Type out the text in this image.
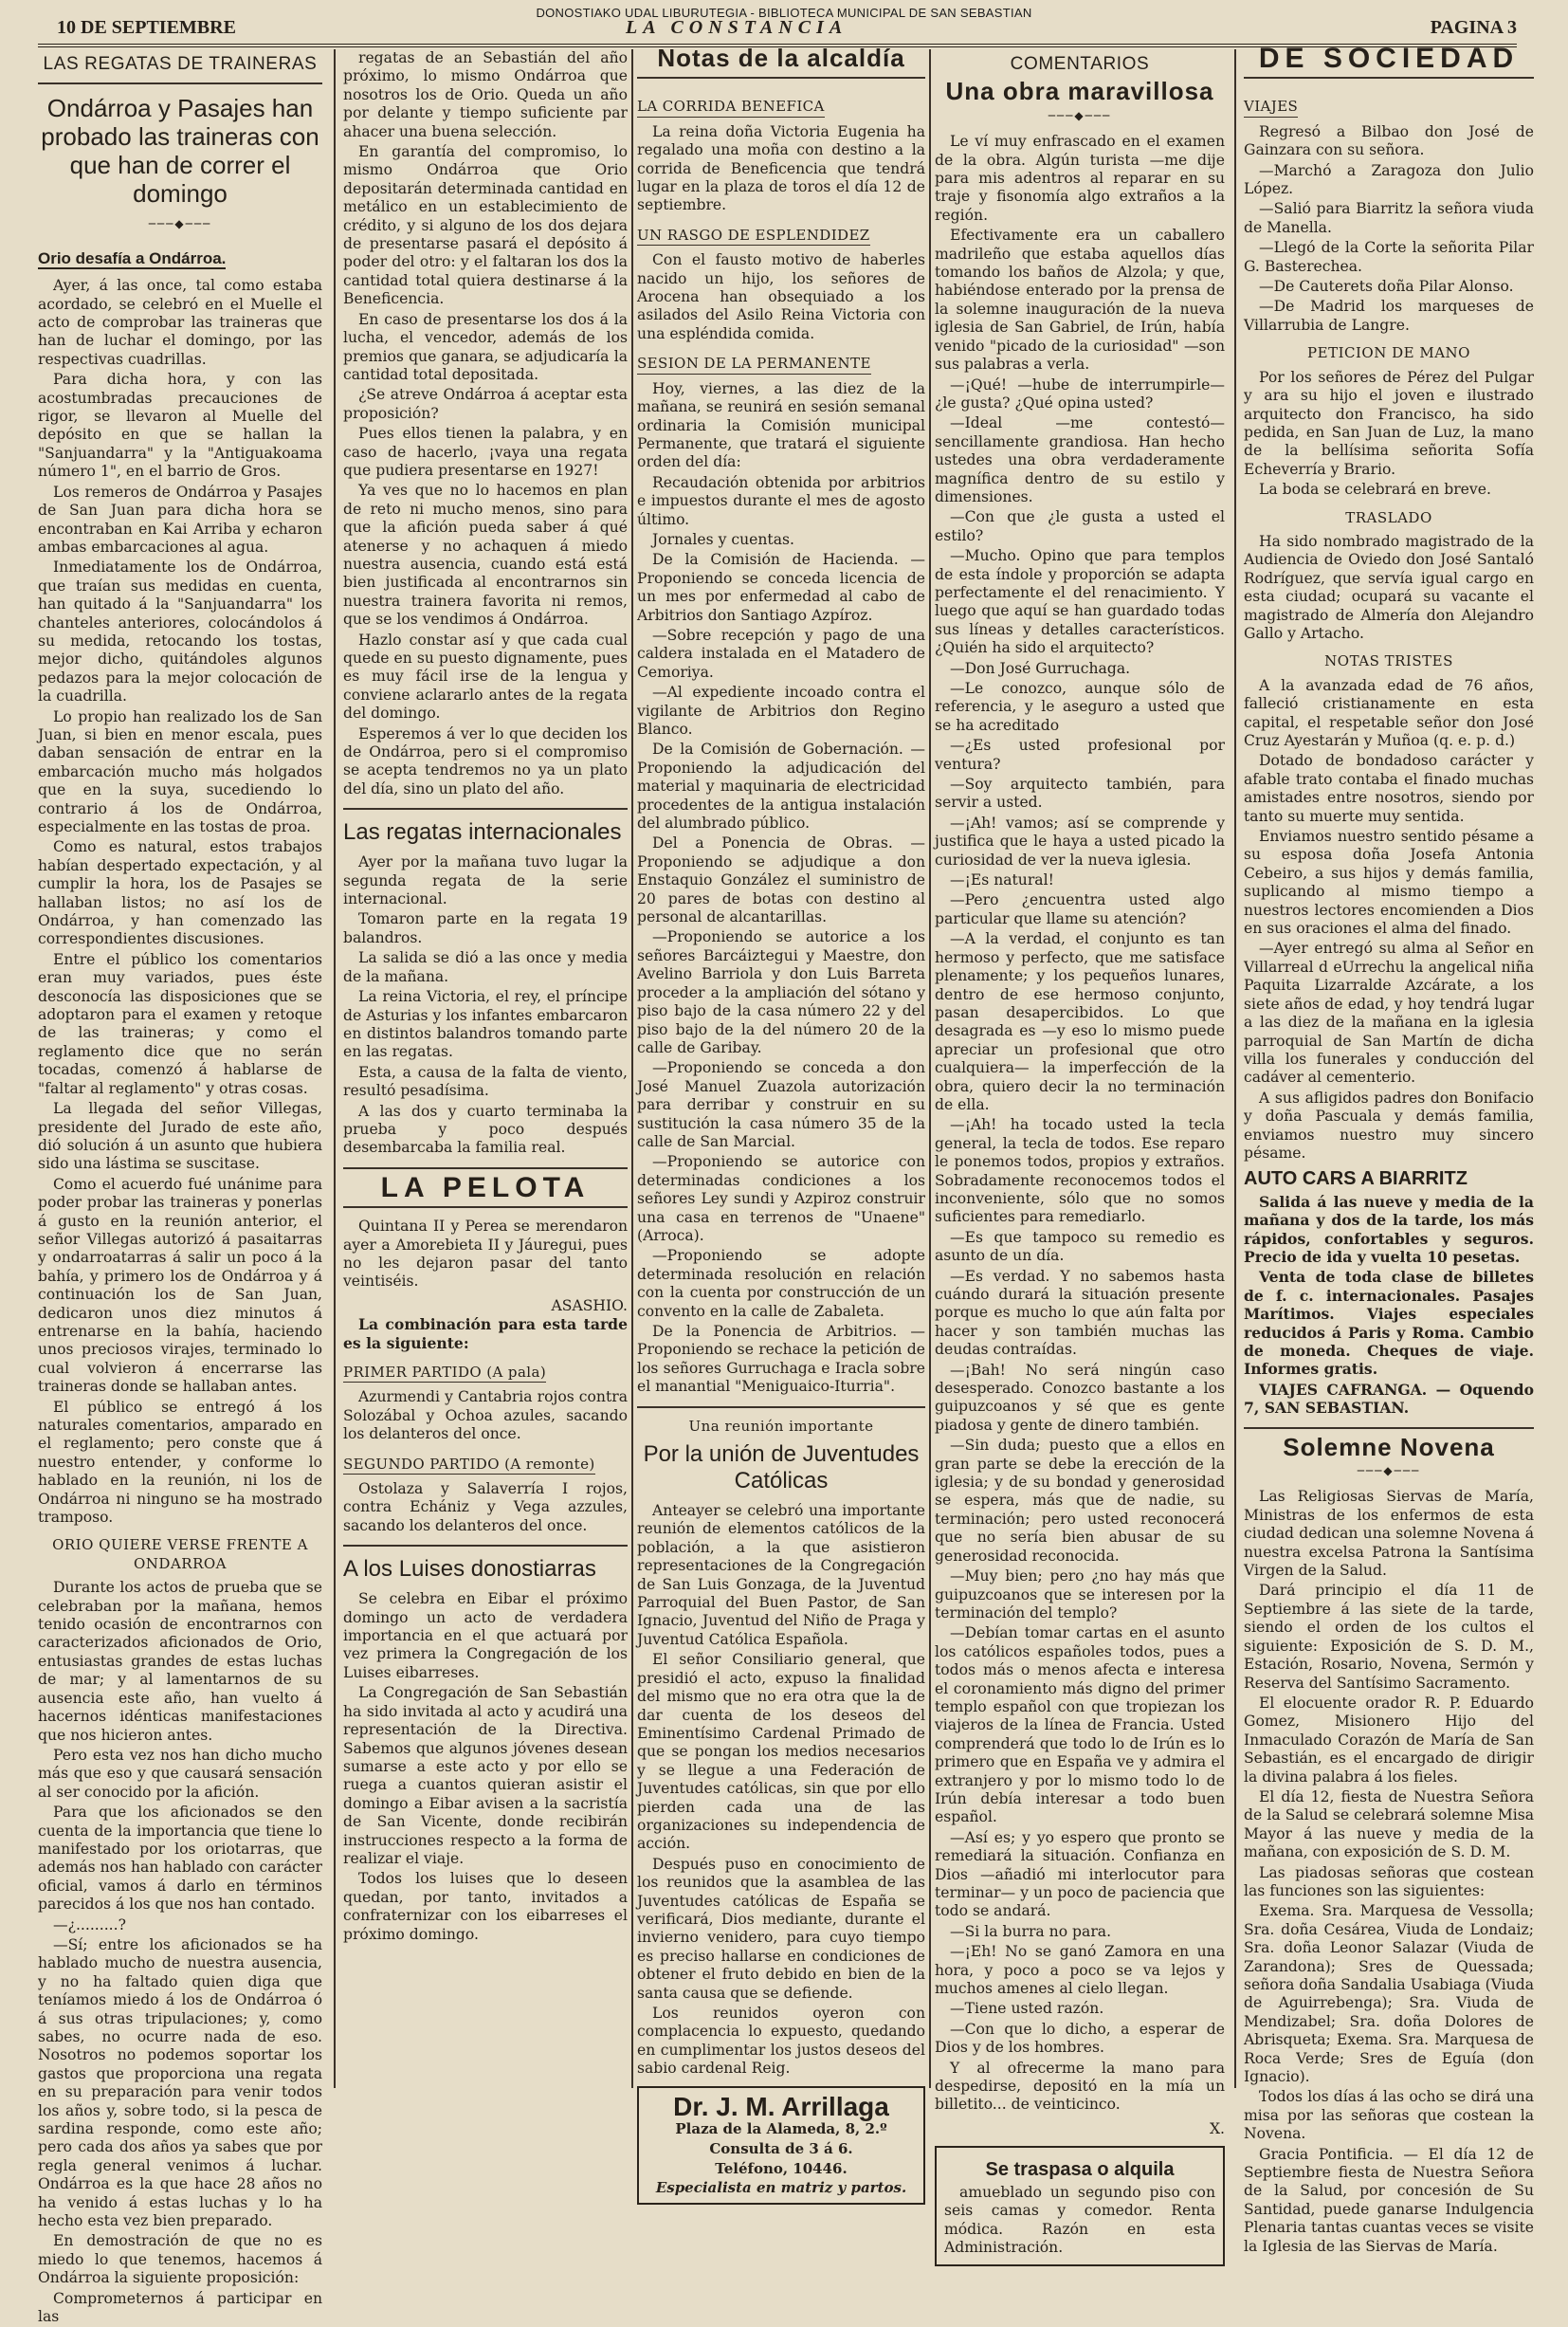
DONOSTIAKO UDAL LIBURUTEGIA - BIBLIOTECA MUNICIPAL DE SAN SEBASTIAN
10 DE SEPTIEMBRE	LA CONSTANCIA	PAGINA 3
LAS REGATAS DE TRAINERAS
Ondárroa y Pasajes han probado las traineras con que han de correr el domingo
───◆───
Orio desafía a Ondárroa.

Ayer, á las once, tal como estaba acordado, se celebró en el Muelle el acto de comprobar las traineras que han de luchar el domingo, por las respectivas cuadrillas.

Para dicha hora, y con las acostumbradas precauciones de rigor, se llevaron al Muelle del depósito en que se hallan la "Sanjuandarra" y la "Antiguakoama número 1", en el barrio de Gros.

Los remeros de Ondárroa y Pasajes de San Juan para dicha hora se encontraban en Kai Arriba y echaron ambas embarcaciones al agua.

Inmediatamente los de Ondárroa, que traían sus medidas en cuenta, han quitado á la "Sanjuandarra" los chanteles anteriores, colocándolos á su medida, retocando los tostas, mejor dicho, quitándoles algunos pedazos para la mejor colocación de la cuadrilla.

Lo propio han realizado los de San Juan, si bien en menor escala, pues daban sensación de entrar en la embarcación mucho más holgados que en la suya, sucediendo lo contrario á los de Ondárroa, especialmente en las tostas de proa.

Como es natural, estos trabajos habían despertado expectación, y al cumplir la hora, los de Pasajes se hallaban listos; no así los de Ondárroa, y han comenzado las correspondientes discusiones.

Entre el público los comentarios eran muy variados, pues éste desconocía las disposiciones que se adoptaron para el examen y retoque de las traineras; y como el reglamento dice que no serán tocadas, comenzó á hablarse de "faltar al reglamento" y otras cosas.

La llegada del señor Villegas, presidente del Jurado de este año, dió solución á un asunto que hubiera sido una lástima se suscitase.

Como el acuerdo fué unánime para poder probar las traineras y ponerlas á gusto en la reunión anterior, el señor Villegas autorizó á pasaitarras y ondarroatarras á salir un poco á la bahía, y primero los de Ondárroa y á continuación los de San Juan, dedicaron unos diez minutos á entrenarse en la bahía, haciendo unos preciosos virajes, terminado lo cual volvieron á encerrarse las traineras donde se hallaban antes.

El público se entregó á los naturales comentarios, amparado en el reglamento; pero conste que á nuestro entender, y conforme lo hablado en la reunión, ni los de Ondárroa ni ninguno se ha mostrado tramposo.

ORIO QUIERE VERSE FRENTE A ONDARROA

Durante los actos de prueba que se celebraban por la mañana, hemos tenido ocasión de encontrarnos con caracterizados aficionados de Orio, entusiastas grandes de estas luchas de mar; y al lamentarnos de su ausencia este año, han vuelto á hacernos idénticas manifestaciones que nos hicieron antes.

Pero esta vez nos han dicho mucho más que eso y que causará sensación al ser conocido por la afición.

Para que los aficionados se den cuenta de la importancia que tiene lo manifestado por los oriotarras, que además nos han hablado con carácter oficial, vamos á darlo en términos parecidos á los que nos han contado.

—¿.........?

—Sí; entre los aficionados se ha hablado mucho de nuestra ausencia, y no ha faltado quien diga que teníamos miedo á los de Ondárroa ó á sus otras tripulaciones; y, como sabes, no ocurre nada de eso. Nosotros no podemos soportar los gastos que proporciona una regata en su preparación para venir todos los años y, sobre todo, si la pesca de sardina responde, como este año; pero cada dos años ya sabes que por regla general venimos á luchar. Ondárroa es la que hace 28 años no ha venido á estas luchas y lo ha hecho esta vez bien preparado.

En demostración de que no es miedo lo que tenemos, hacemos á Ondárroa la siguiente proposición:

Comprometernos á participar en las

regatas de an Sebastián del año próximo, lo mismo Ondárroa que nosotros los de Orio. Queda un año por delante y tiempo suficiente par ahacer una buena selección.

En garantía del compromiso, lo mismo Ondárroa que Orio depositarán determinada cantidad en metálico en un establecimiento de crédito, y si alguno de los dos dejara de presentarse pasará el depósito á poder del otro: y el faltaran los dos la cantidad total quiera destinarse á la Beneficencia.

En caso de presentarse los dos á la lucha, el vencedor, además de los premios que ganara, se adjudicaría la cantidad total depositada.

¿Se atreve Ondárroa á aceptar esta proposición?

Pues ellos tienen la palabra, y en caso de hacerlo, ¡vaya una regata que pudiera presentarse en 1927!

Ya ves que no lo hacemos en plan de reto ni mucho menos, sino para que la afición pueda saber á qué atenerse y no achaquen á miedo nuestra ausencia, cuando está está bien justificada al encontrarnos sin nuestra trainera favorita ni remos, que se los vendimos á Ondárroa.

Hazlo constar así y que cada cual quede en su puesto dignamente, pues es muy fácil irse de la lengua y conviene aclararlo antes de la regata del domingo.

Esperemos á ver lo que deciden los de Ondárroa, pero si el compromiso se acepta tendremos no ya un plato del día, sino un plato del año.

Las regatas internacionales

Ayer por la mañana tuvo lugar la segunda regata de la serie internacional.

Tomaron parte en la regata 19 balandros.

La salida se dió a las once y media de la mañana.

La reina Victoria, el rey, el príncipe de Asturias y los infantes embarcaron en distintos balandros tomando parte en las regatas.

Esta, a causa de la falta de viento, resultó pesadísima.

A las dos y cuarto terminaba la prueba y poco después desembarcaba la familia real.

LA PELOTA

Quintana II y Perea se merendaron ayer a Amorebieta II y Jáuregui, pues no les dejaron pasar del tanto veintiséis.

ASASHIO.

La combinación para esta tarde es la siguiente:

PRIMER PARTIDO (A pala)

Azurmendi y Cantabria rojos contra Solozábal y Ochoa azules, sacando los delanteros del once.

SEGUNDO PARTIDO (A remonte)

Ostolaza y Salaverría I rojos, contra Echániz y Vega azzules, sacando los delanteros del once.

A los Luises donostiarras

Se celebra en Eibar el próximo domingo un acto de verdadera importancia en el que actuará por vez primera la Congregación de los Luises eibarreses.

La Congregación de San Sebastián ha sido invitada al acto y acudirá una representación de la Directiva. Sabemos que algunos jóvenes desean sumarse a este acto y por ello se ruega a cuantos quieran asistir el domingo a Eibar avisen a la sacristía de San Vicente, donde recibirán instrucciones respecto a la forma de realizar el viaje.

Todos los luises que lo deseen quedan, por tanto, invitados a confraternizar con los eibarreses el próximo domingo.

Notas de la alcaldía
LA CORRIDA BENEFICA

La reina doña Victoria Eugenia ha regalado una moña con destino a la corrida de Beneficencia que tendrá lugar en la plaza de toros el día 12 de septiembre.

UN RASGO DE ESPLENDIDEZ

Con el fausto motivo de haberles nacido un hijo, los señores de Arocena han obsequiado a los asilados del Asilo Reina Victoria con una espléndida comida.

SESION DE LA PERMANENTE

Hoy, viernes, a las diez de la mañana, se reunirá en sesión semanal ordinaria la Comisión municipal Permanente, que tratará el siguiente orden del día:

Recaudación obtenida por arbitrios e impuestos durante el mes de agosto último.

Jornales y cuentas.

De la Comisión de Hacienda. — Proponiendo se conceda licencia de un mes por enfermedad al cabo de Arbitrios don Santiago Azpíroz.

—Sobre recepción y pago de una caldera instalada en el Matadero de Cemoriya.

—Al expediente incoado contra el vigilante de Arbitrios don Regino Blanco.

De la Comisión de Gobernación. — Proponiendo la adjudicación del material y maquinaria de electricidad procedentes de la antigua instalación del alumbrado público.

Del a Ponencia de Obras. — Proponiendo se adjudique a don Enstaquio González el suministro de 20 pares de botas con destino al personal de alcantarillas.

—Proponiendo se autorice a los señores Barcáiztegui y Maestre, don Avelino Barriola y don Luis Barreta proceder a la ampliación del sótano y piso bajo de la casa número 22 y del piso bajo de la del número 20 de la calle de Garibay.

—Proponiendo se conceda a don José Manuel Zuazola autorización para derribar y construir en su sustitución la casa número 35 de la calle de San Marcial.

—Proponiendo se autorice con determinadas condiciones a los señores Ley sundi y Azpiroz construir una casa en terrenos de "Unaene" (Arroca).

—Proponiendo se adopte determinada resolución en relación con la cuenta por construcción de un convento en la calle de Zabaleta.

De la Ponencia de Arbitrios. — Proponiendo se rechace la petición de los señores Gurruchaga e Iracla sobre el manantial "Meniguaico-Iturria".

Una reunión importante
Por la unión de Juventudes Católicas

Anteayer se celebró una importante reunión de elementos católicos de la población, a la que asistieron representaciones de la Congregación de San Luis Gonzaga, de la Juventud Parroquial del Buen Pastor, de San Ignacio, Juventud del Niño de Praga y Juventud Católica Española.

El señor Consiliario general, que presidió el acto, expuso la finalidad del mismo que no era otra que la de dar cuenta de los deseos del Eminentísimo Cardenal Primado de que se pongan los medios necesarios y se llegue a una Federación de Juventudes católicas, sin que por ello pierden cada una de las organizaciones su independencia de acción.

Después puso en conocimiento de los reunidos que la asamblea de las Juventudes católicas de España se verificará, Dios mediante, durante el invierno venidero, para cuyo tiempo es preciso hallarse en condiciones de obtener el fruto debido en bien de la santa causa que se defiende.

Los reunidos oyeron con complacencia lo expuesto, quedando en cumplimentar los justos deseos del sabio cardenal Reig.

Dr. J. M. Arrillaga
Plaza de la Alameda, 8, 2.º
Consulta de 3 á 6.
Teléfono, 10446.
Especialista en matriz y partos.
COMENTARIOS
Una obra maravillosa
───◆───

Le ví muy enfrascado en el examen de la obra. Algún turista —me dije para mis adentros al reparar en su traje y fisonomía algo extraños a la región.

Efectivamente era un caballero madrileño que estaba aquellos días tomando los baños de Alzola; y que, habiéndose enterado por la prensa de la solemne inauguración de la nueva iglesia de San Gabriel, de Irún, había venido "picado de la curiosidad" —son sus palabras a verla.

—¡Qué! —hube de interrumpirle— ¿le gusta? ¿Qué opina usted?

—Ideal —me contestó— sencillamente grandiosa. Han hecho ustedes una obra verdaderamente magnífica dentro de su estilo y dimensiones.

—Con que ¿le gusta a usted el estilo?

—Mucho. Opino que para templos de esta índole y proporción se adapta perfectamente el del renacimiento. Y luego que aquí se han guardado todas sus líneas y detalles característicos. ¿Quién ha sido el arquitecto?

—Don José Gurruchaga.

—Le conozco, aunque sólo de referencia, y le aseguro a usted que se ha acreditado

—¿Es usted profesional por ventura?

—Soy arquitecto también, para servir a usted.

—¡Ah! vamos; así se comprende y justifica que le haya a usted picado la curiosidad de ver la nueva iglesia.

—¡Es natural!

—Pero ¿encuentra usted algo particular que llame su atención?

—A la verdad, el conjunto es tan hermoso y perfecto, que me satisface plenamente; y los pequeños lunares, dentro de ese hermoso conjunto, pasan desapercibidos. Lo que desagrada es —y eso lo mismo puede apreciar un profesional que otro cualquiera— la imperfección de la obra, quiero decir la no terminación de ella.

—¡Ah! ha tocado usted la tecla general, la tecla de todos. Ese reparo le ponemos todos, propios y extraños. Sobradamente reconocemos todos el inconveniente, sólo que no somos suficientes para remediarlo.

—Es que tampoco su remedio es asunto de un día.

—Es verdad. Y no sabemos hasta cuándo durará la situación presente porque es mucho lo que aún falta por hacer y son también muchas las deudas contraídas.

—¡Bah! No será ningún caso desesperado. Conozco bastante a los guipuzcoanos y sé que es gente piadosa y gente de dinero también.

—Sin duda; puesto que a ellos en gran parte se debe la erección de la iglesia; y de su bondad y generosidad se espera, más que de nadie, su terminación; pero usted reconocerá que no sería bien abusar de su generosidad reconocida.

—Muy bien; pero ¿no hay más que guipuzcoanos que se interesen por la terminación del templo?

—Debían tomar cartas en el asunto los católicos españoles todos, pues a todos más o menos afecta e interesa el coronamiento más digno del primer templo español con que tropiezan los viajeros de la línea de Francia. Usted comprenderá que todo lo de Irún es lo primero que en España ve y admira el extranjero y por lo mismo todo lo de Irún debía interesar a todo buen español.

—Así es; y yo espero que pronto se remediará la situación. Confianza en Dios —añadió mi interlocutor para terminar— y un poco de paciencia que todo se andará.

—Si la burra no para.

—¡Eh! No se ganó Zamora en una hora, y poco a poco se va lejos y muchos amenes al cielo llegan.

—Tiene usted razón.

—Con que lo dicho, a esperar de Dios y de los hombres.

Y al ofrecerme la mano para despedirse, depositó en la mía un billetito... de veinticinco.

X.
Se traspasa o alquila

amueblado un segundo piso con seis camas y comedor. Renta módica. Razón en esta Administración.

DE SOCIEDAD
VIAJES

Regresó a Bilbao don José de Gainzara con su señora.

—Marchó a Zaragoza don Julio López.

—Salió para Biarritz la señora viuda de Manella.

—Llegó de la Corte la señorita Pilar G. Basterechea.

—De Cauterets doña Pilar Alonso.

—De Madrid los marqueses de Villarrubia de Langre.

PETICION DE MANO

Por los señores de Pérez del Pulgar y ara su hijo el joven e ilustrado arquitecto don Francisco, ha sido pedida, en San Juan de Luz, la mano de la bellísima señorita Sofía Echeverría y Brario.

La boda se celebrará en breve.

TRASLADO

Ha sido nombrado magistrado de la Audiencia de Oviedo don José Santaló Rodríguez, que servía igual cargo en esta ciudad; ocupará su vacante el magistrado de Almería don Alejandro Gallo y Artacho.

NOTAS TRISTES

A la avanzada edad de 76 años, falleció cristianamente en esta capital, el respetable señor don José Cruz Ayestarán y Muñoa (q. e. p. d.)

Dotado de bondadoso carácter y afable trato contaba el finado muchas amistades entre nosotros, siendo por tanto su muerte muy sentida.

Enviamos nuestro sentido pésame a su esposa doña Josefa Antonia Cebeiro, a sus hijos y demás familia, suplicando al mismo tiempo a nuestros lectores encomienden a Dios en sus oraciones el alma del finado.

—Ayer entregó su alma al Señor en Villarreal d eUrrechu la angelical niña Paquita Lizarralde Azcárate, a los siete años de edad, y hoy tendrá lugar a las diez de la mañana en la iglesia parroquial de San Martín de dicha villa los funerales y conducción del cadáver al cementerio.

A sus afligidos padres don Bonifacio y doña Pascuala y demás familia, enviamos nuestro muy sincero pésame.

AUTO CARS A BIARRITZ

Salida á las nueve y media de la mañana y dos de la tarde, los más rápidos, confortables y seguros. Precio de ida y vuelta 10 pesetas.

Venta de toda clase de billetes de f. c. internacionales. Pasajes Marítimos. Viajes especiales reducidos á Paris y Roma. Cambio de moneda. Cheques de viaje. Informes gratis.

VIAJES CAFRANGA. — Oquendo 7, SAN SEBASTIAN.

Solemne Novena
───◆───

Las Religiosas Siervas de María, Ministras de los enfermos de esta ciudad dedican una solemne Novena á nuestra excelsa Patrona la Santísima Virgen de la Salud.

Dará principio el día 11 de Septiembre á las siete de la tarde, siendo el orden de los cultos el siguiente: Exposición de S. D. M., Estación, Rosario, Novena, Sermón y Reserva del Santísimo Sacramento.

El elocuente orador R. P. Eduardo Gomez, Misionero Hijo del Inmaculado Corazón de María de San Sebastián, es el encargado de dirigir la divina palabra á los fieles.

El día 12, fiesta de Nuestra Señora de la Salud se celebrará solemne Misa Mayor á las nueve y media de la mañana, con exposición de S. D. M.

Las piadosas señoras que costean las funciones son las siguientes:

Exema. Sra. Marquesa de Vessolla; Sra. doña Cesárea, Viuda de Londaiz; Sra. doña Leonor Salazar (Viuda de Zarandona); Sres de Quessada; señora doña Sandalia Usabiaga (Viuda de Aguirrebenga); Sra. Viuda de Mendizabel; Sra. doña Dolores de Abrisqueta; Exema. Sra. Marquesa de Roca Verde; Sres de Eguía (don Ignacio).

Todos los días á las ocho se dirá una misa por las señoras que costean la Novena.

Gracia Pontificia. — El día 12 de Septiembre fiesta de Nuestra Señora de la Salud, por concesión de Su Santidad, puede ganarse Indulgencia Plenaria tantas cuantas veces se visite la Iglesia de las Siervas de María.
